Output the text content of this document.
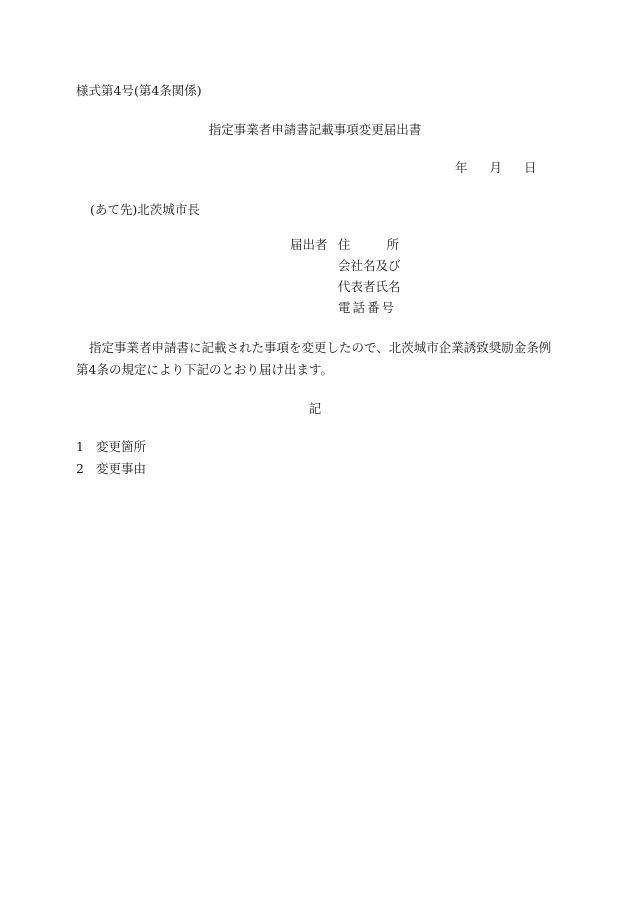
様式第4号(第4条関係)
指定事業者申請書記載事項変更届出書
年 月 日
(あて先)北茨城市長
届出者 住	所
会社名及び
代表者氏名
電話番号
指定事業者申請書に記載された事項を変更したので、北茨城市企業誘致奨励金条例第4条の規定により下記のとおり届け出ます。
記
1 変更箇所
2 変更事由
